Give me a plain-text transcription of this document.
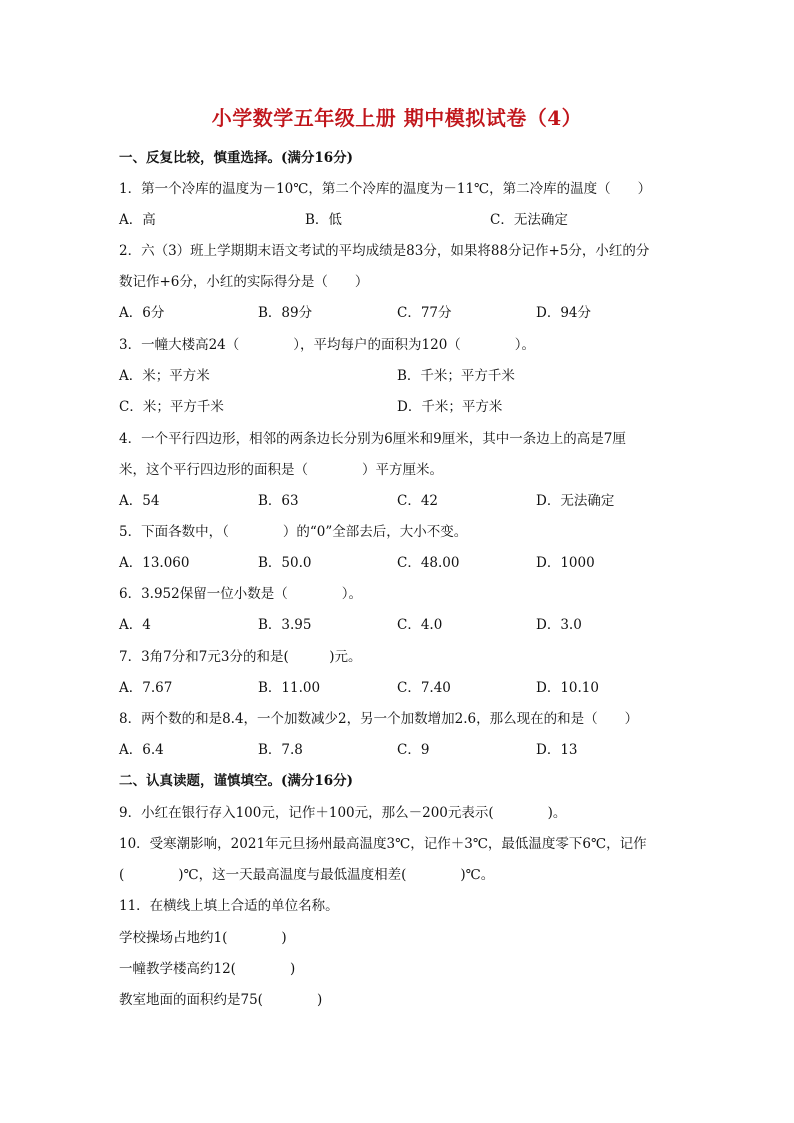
小学数学五年级上册 期中模拟试卷（4）
一、反复比较，慎重选择。(满分16分)
1．第一个冷库的温度为－10℃，第二个冷库的温度为－11℃，第二冷库的温度（　　）
A．高	B．低	C．无法确定
2．六（3）班上学期期末语文考试的平均成绩是83分，如果将88分记作+5分，小红的分
数记作+6分，小红的实际得分是（　　）
A．6分	B．89分	C．77分	D．94分
3．一幢大楼高24（　　　　），平均每户的面积为120（　　　　）。
A．米；平方米	B．千米；平方千米
C．米；平方千米	D．千米；平方米
4．一个平行四边形，相邻的两条边长分别为6厘米和9厘米，其中一条边上的高是7厘
米，这个平行四边形的面积是（　　　　）平方厘米。
A．54	B．63	C．42	D．无法确定
5．下面各数中，（　　　　）的“0”全部去后，大小不变。
A．13.060	B．50.0	C．48.00	D．1000
6．3.952保留一位小数是（　　　　）。
A．4	B．3.95	C．4.0	D．3.0
7．3角7分和7元3分的和是(　　　)元。
A．7.67	B．11.00	C．7.40	D．10.10
8．两个数的和是8.4，一个加数减少2，另一个加数增加2.6，那么现在的和是（　　）
A．6.4	B．7.8	C．9	D．13
二、认真读题，谨慎填空。(满分16分)
9．小红在银行存入100元，记作＋100元，那么－200元表示(　　　　)。
10．受寒潮影响，2021年元旦扬州最高温度3℃，记作＋3℃，最低温度零下6℃，记作
(　　　　)℃，这一天最高温度与最低温度相差(　　　　)℃。
11．在横线上填上合适的单位名称。
学校操场占地约1(　　　　)
一幢教学楼高约12(　　　　)
教室地面的面积约是75(　　　　)
